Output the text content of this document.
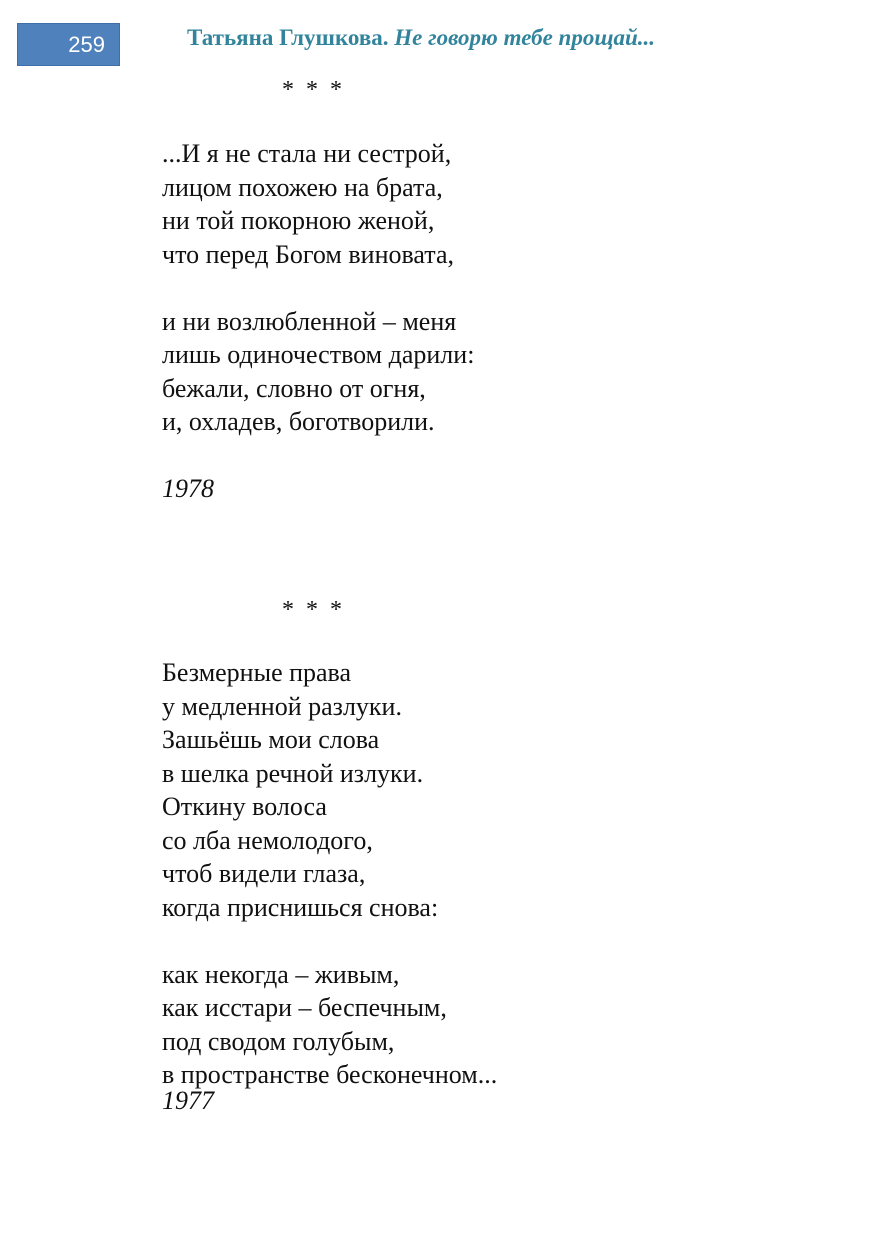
259	Татьяна Глушкова. Не говорю тебе прощай...
* * *
...И я не стала ни сестрой,
лицом похожею на брата,
ни той покорною женой,
что перед Богом виновата,
и ни возлюбленной – меня
лишь одиночеством дарили:
бежали, словно от огня,
и, охладев, боготворили.
1978
* * *
Безмерные права
у медленной разлуки.
Зашьёшь мои слова
в шелка речной излуки.
Откину волоса
со лба немолодого,
чтоб видели глаза,
когда приснишься снова:
как некогда – живым,
как исстари – беспечным,
под сводом голубым,
в пространстве бесконечном...
1977
